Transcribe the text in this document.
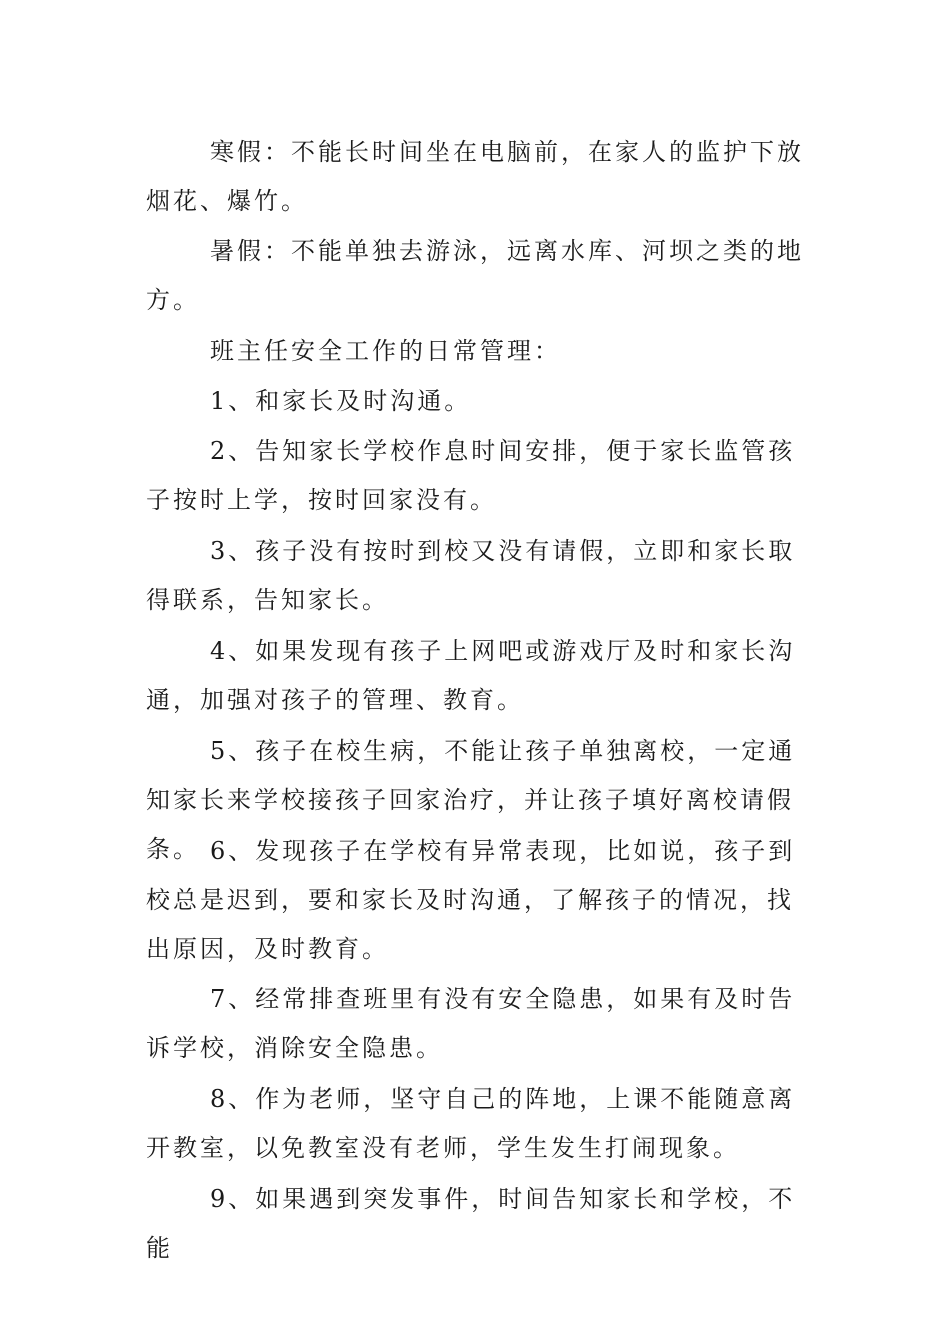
寒假：不能长时间坐在电脑前，在家人的监护下放烟花、爆竹。

暑假：不能单独去游泳，远离水库、河坝之类的地方。

班主任安全工作的日常管理：

1、和家长及时沟通。

2、告知家长学校作息时间安排，便于家长监管孩子按时上学，按时回家没有。

3、孩子没有按时到校又没有请假，立即和家长取得联系，告知家长。

4、如果发现有孩子上网吧或游戏厅及时和家长沟通，加强对孩子的管理、教育。

5、孩子在校生病，不能让孩子单独离校，一定通知家长来学校接孩子回家治疗，并让孩子填好离校请假条。 6、发现孩子在学校有异常表现，比如说，孩子到校总是迟到，要和家长及时沟通，了解孩子的情况，找出原因，及时教育。

7、经常排查班里有没有安全隐患，如果有及时告诉学校，消除安全隐患。

8、作为老师，坚守自己的阵地，上课不能随意离开教室，以免教室没有老师，学生发生打闹现象。

9、如果遇到突发事件，时间告知家长和学校，不能
